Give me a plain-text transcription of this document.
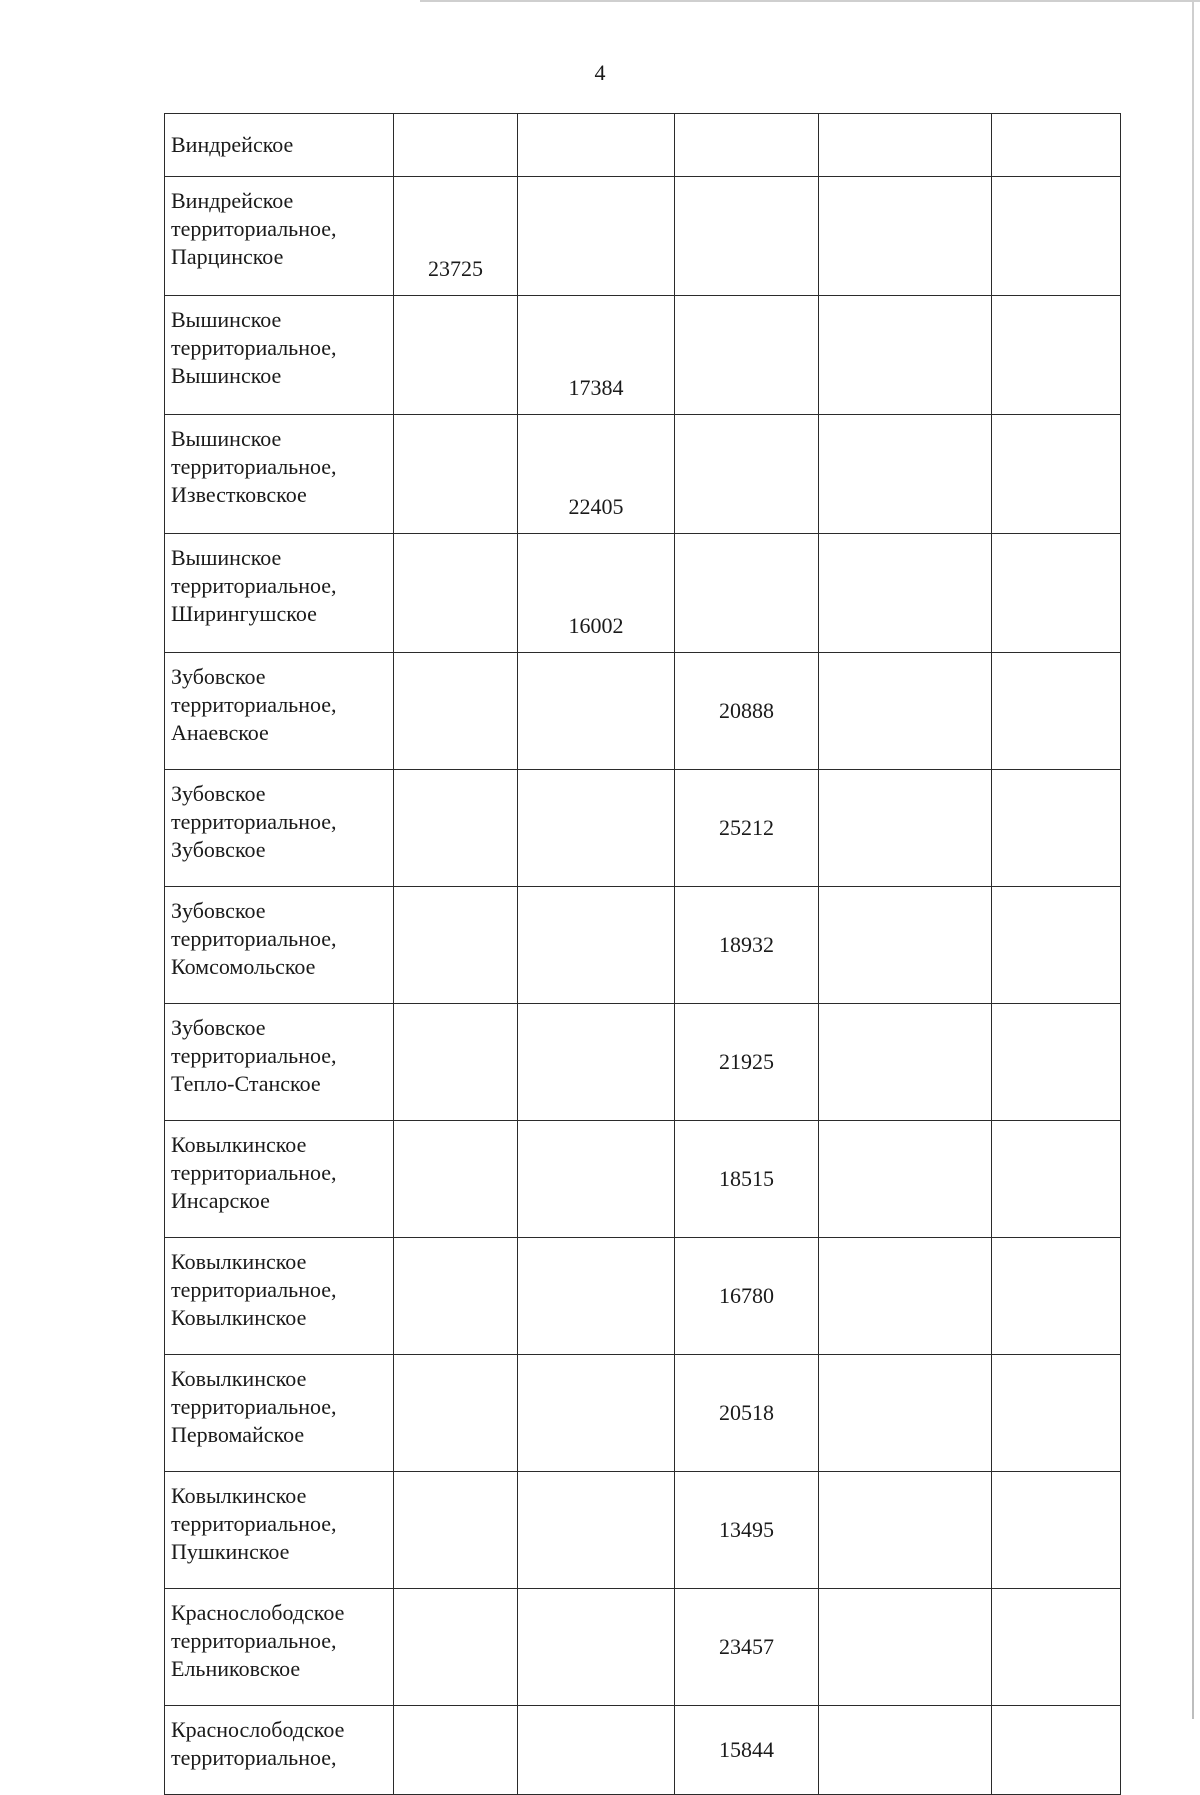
4
Виндрейское					

Виндрейское
территориальное,
Парцинское	23725				

Вышинское
территориальное,
Вышинское		17384			

Вышинское
территориальное,
Известковское		22405			

Вышинское
территориальное,
Ширингушское		16002			

Зубовское
территориальное,
Анаевское			20888		

Зубовское
территориальное,
Зубовское			25212		

Зубовское
территориальное,
Комсомольское			18932		

Зубовское
территориальное,
Тепло-Станское			21925		

Ковылкинское
территориальное,
Инсарское			18515		

Ковылкинское
территориальное,
Ковылкинское			16780		

Ковылкинское
территориальное,
Первомайское			20518		

Ковылкинское
территориальное,
Пушкинское			13495		

Краснослободское
территориальное,
Ельниковское			23457		

Краснослободское
территориальное,			15844		
